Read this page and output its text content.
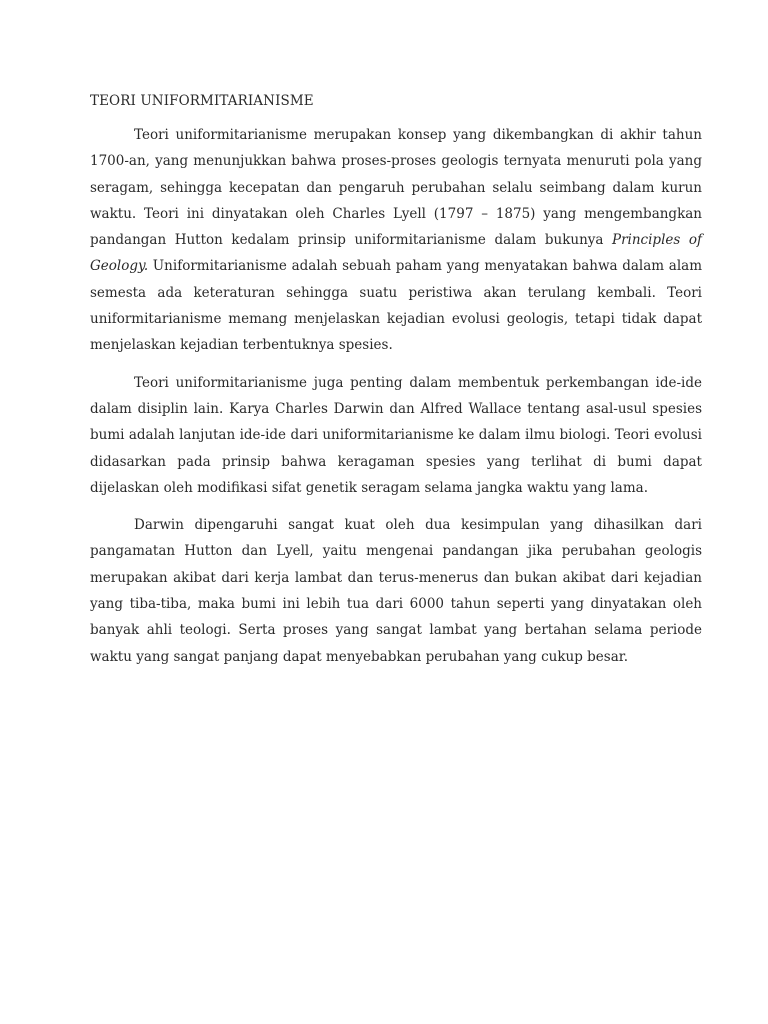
TEORI UNIFORMITARIANISME

Teori uniformitarianisme merupakan konsep yang dikembangkan di akhir tahun 1700-an, yang menunjukkan bahwa proses-proses geologis ternyata menuruti pola yang seragam, sehingga kecepatan dan pengaruh perubahan selalu seimbang dalam kurun waktu. Teori ini dinyatakan oleh Charles Lyell (1797 – 1875) yang mengembangkan pandangan Hutton kedalam prinsip uniformitarianisme dalam bukunya Principles of Geology. Uniformitarianisme adalah sebuah paham yang menyatakan bahwa dalam alam semesta ada keteraturan sehingga suatu peristiwa akan terulang kembali. Teori uniformitarianisme memang menjelaskan kejadian evolusi geologis, tetapi tidak dapat menjelaskan kejadian terbentuknya spesies.

Teori uniformitarianisme juga penting dalam membentuk perkembangan ide-ide dalam disiplin lain. Karya Charles Darwin dan Alfred Wallace tentang asal-usul spesies bumi adalah lanjutan ide-ide dari uniformitarianisme ke dalam ilmu biologi. Teori evolusi didasarkan pada prinsip bahwa keragaman spesies yang terlihat di bumi dapat dijelaskan oleh modifikasi sifat genetik seragam selama jangka waktu yang lama.

Darwin dipengaruhi sangat kuat oleh dua kesimpulan yang dihasilkan dari pangamatan Hutton dan Lyell, yaitu mengenai pandangan jika perubahan geologis merupakan akibat dari kerja lambat dan terus-menerus dan bukan akibat dari kejadian yang tiba-tiba, maka bumi ini lebih tua dari 6000 tahun seperti yang dinyatakan oleh banyak ahli teologi. Serta proses yang sangat lambat yang bertahan selama periode waktu yang sangat panjang dapat menyebabkan perubahan yang cukup besar.
